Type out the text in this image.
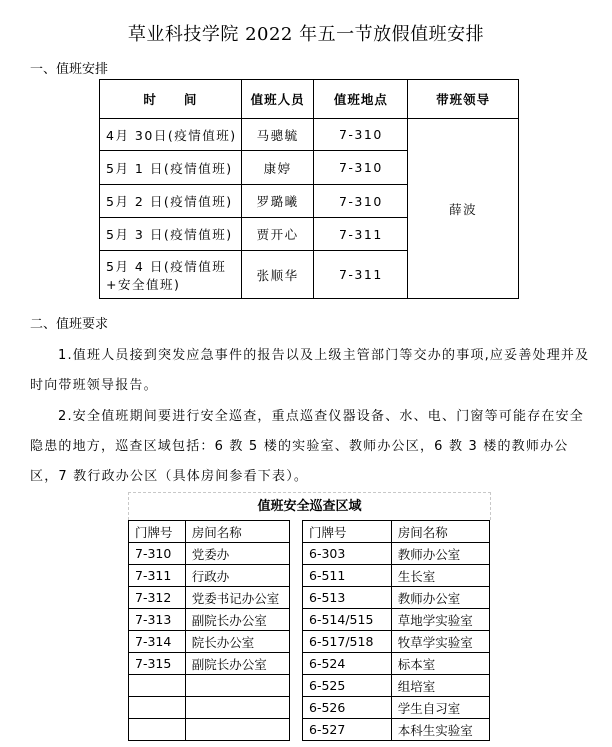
草业科技学院 2022 年五一节放假值班安排
一、值班安排
时　　间	值班人员	值班地点	带班领导
4月 30日(疫情值班)	马骢毓	7-310	薛波
5月 1 日(疫情值班)	康婷	7-310	
5月 2 日(疫情值班)	罗璐曦	7-310	
5月 3 日(疫情值班)	贾开心	7-311	
5月 4 日(疫情值班+安全值班)	张顺华	7-311	
二、值班要求
1.值班人员接到突发应急事件的报告以及上级主管部门等交办的事项,应妥善处理并及时向带班领导报告。
2.安全值班期间要进行安全巡查，重点巡查仪器设备、水、电、门窗等可能存在安全隐患的地方，巡查区域包括：6 教 5 楼的实验室、教师办公区，6 教 3 楼的教师办公区，7 教行政办公区（具体房间参看下表）。
值班安全巡查区域
门牌号	房间名称
7-310	党委办
7-311	行政办
7-312	党委书记办公室
7-313	副院长办公室
7-314	院长办公室
7-315	副院长办公室

门牌号	房间名称
6-303	教师办公室
6-511	生长室
6-513	教师办公室
6-514/515	草地学实验室
6-517/518	牧草学实验室
6-524	标本室
6-525	组培室
6-526	学生自习室
6-527	本科生实验室
